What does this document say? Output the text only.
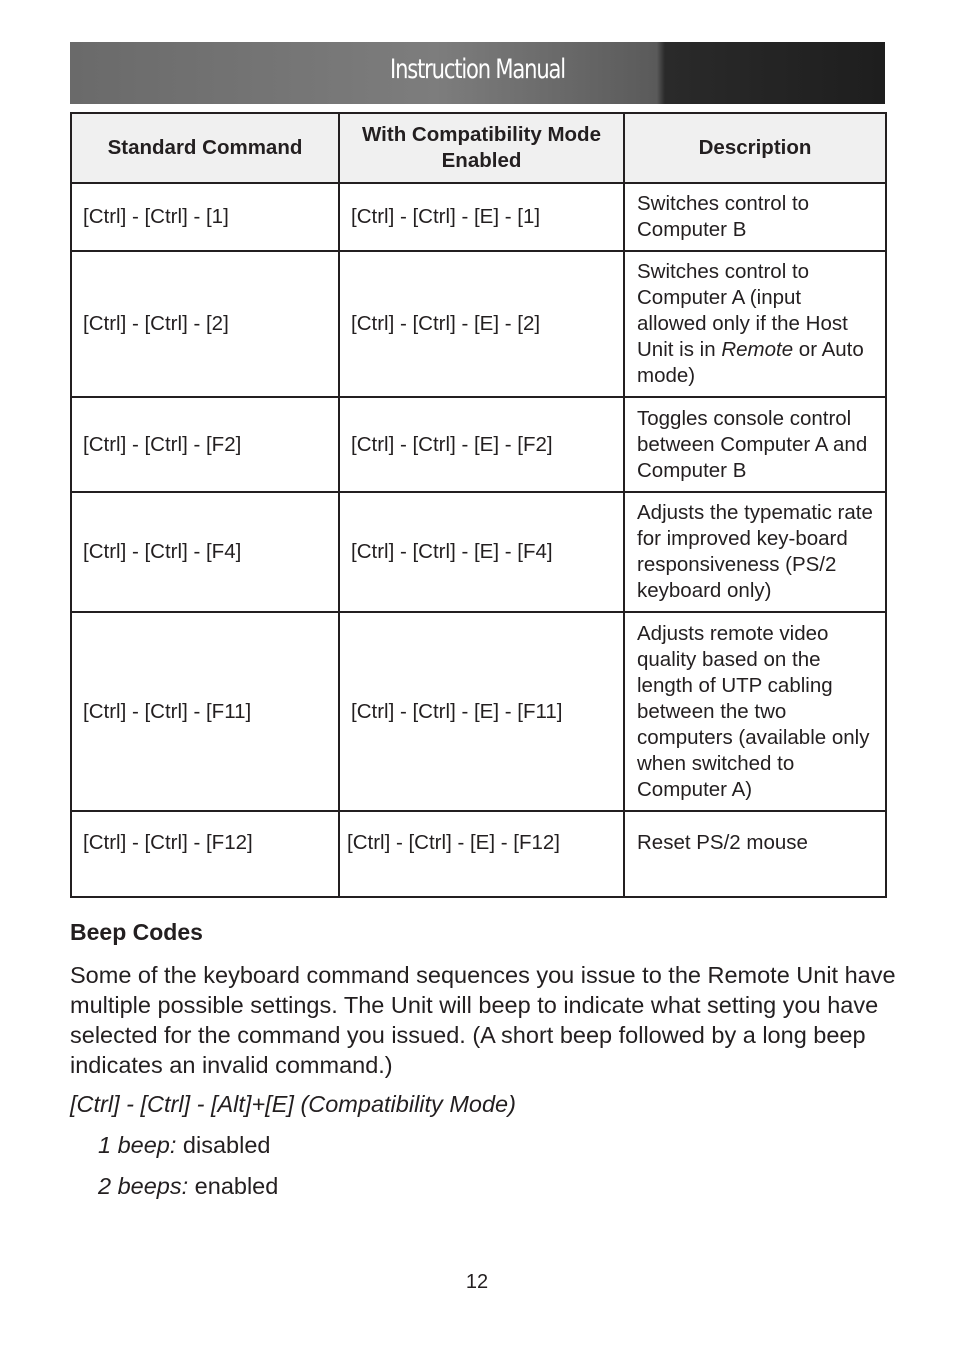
Instruction Manual
Standard Command	With Compatibility Mode Enabled	Description
[Ctrl] - [Ctrl] - [1]	[Ctrl] - [Ctrl] - [E] - [1]	Switches control to Computer B
[Ctrl] - [Ctrl] - [2]	[Ctrl] - [Ctrl] - [E] - [2]	Switches control to Computer A (input allowed only if the Host Unit is in Remote or Auto mode)
[Ctrl] - [Ctrl] - [F2]	[Ctrl] - [Ctrl] - [E] - [F2]	Toggles console control between Computer A and Computer B
[Ctrl] - [Ctrl] - [F4]	[Ctrl] - [Ctrl] - [E] - [F4]	Adjusts the typematic rate for improved key-board responsiveness (PS/2 keyboard only)
[Ctrl] - [Ctrl] - [F11]	[Ctrl] - [Ctrl] - [E] - [F11]	Adjusts remote video quality based on the length of UTP cabling between the two computers (available only when switched to Computer A)
[Ctrl] - [Ctrl] - [F12]	[Ctrl] - [Ctrl] - [E] - [F12]	Reset PS/2 mouse
Beep Codes
Some of the keyboard command sequences you issue to the Remote Unit have multiple possible settings. The Unit will beep to indicate what setting you have selected for the command you issued. (A short beep followed by a long beep indicates an invalid command.)
[Ctrl] - [Ctrl] - [Alt]+[E] (Compatibility Mode)
1 beep: disabled
2 beeps: enabled
12
